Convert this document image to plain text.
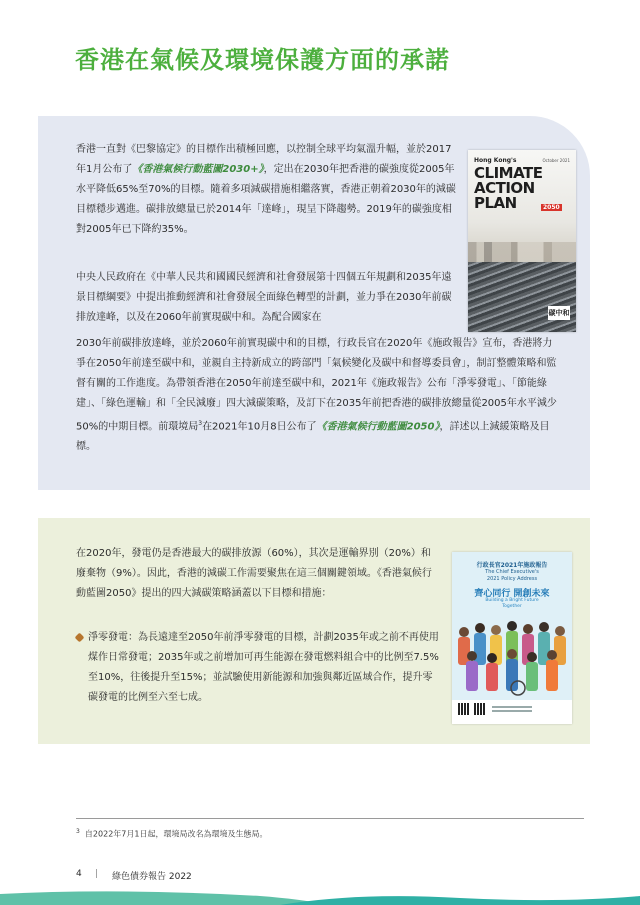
香港在氣候及環境保護方面的承諾
香港一直對《巴黎協定》的目標作出積極回應，以控制全球平均氣溫升幅，並於2017年1月公布了《香港氣候行動藍圖2030+》，定出在2030年把香港的碳強度從2005年水平降低65%至70%的目標。隨着多項減碳措施相繼落實，香港正朝着2030年的減碳目標穩步邁進。碳排放總量已於2014年「達峰」，現呈下降趨勢。2019年的碳強度相對2005年已下降約35%。
中央人民政府在《中華人民共和國國民經濟和社會發展第十四個五年規劃和2035年遠景目標綱要》中提出推動經濟和社會發展全面綠色轉型的計劃，並力爭在2030年前碳排放達峰，以及在2060年前實現碳中和。為配合國家在
2030年前碳排放達峰，並於2060年前實現碳中和的目標，行政長官在2020年《施政報告》宣布，香港將力爭在2050年前達至碳中和，並親自主持新成立的跨部門「氣候變化及碳中和督導委員會」，制訂整體策略和監督有關的工作進度。為帶領香港在2050年前達至碳中和，2021年《施政報告》公布「淨零發電」、「節能綠建」、「綠色運輸」和「全民減廢」四大減碳策略，及訂下在2035年前把香港的碳排放總量從2005年水平減少50%的中期目標。前環境局$^3$在2021年10月8日公布了《香港氣候行動藍圖2050》，詳述以上減緩策略及目標。
Hong Kong's	October 2021
CLIMATE ACTION PLAN	2050
碳中和
在2020年，發電仍是香港最大的碳排放源（60%），其次是運輸界別（20%）和廢棄物（9%）。因此，香港的減碳工作需要聚焦在這三個關鍵領域。《香港氣候行動藍圖2050》提出的四大減碳策略涵蓋以下目標和措施：
淨零發電：為長遠達至2050年前淨零發電的目標，計劃2035年或之前不再使用煤作日常發電；2035年或之前增加可再生能源在發電燃料組合中的比例至7.5%至10%，往後提升至15%；並試驗使用新能源和加強與鄰近區域合作，提升零碳發電的比例至六至七成。
行政長官2021年施政報告
The Chief Executive's
2021 Policy Address
齊心同行 開創未來
Building a Bright Future
Together
$^3$ 自2022年7月1日起，環境局改名為環境及生態局。
4 | 綠色債券報告 2022
